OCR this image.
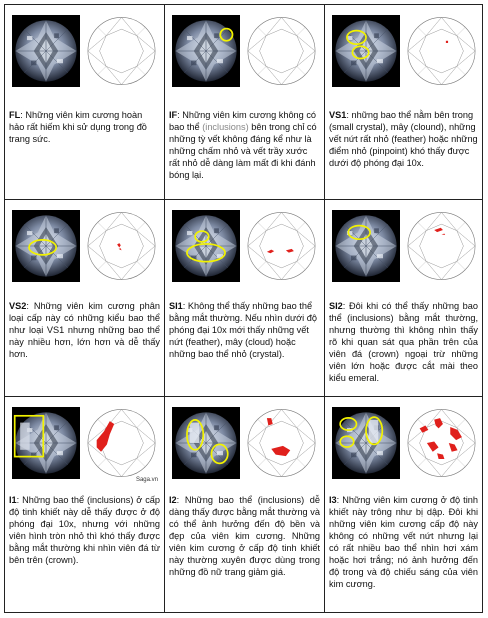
FL: Những viên kim cương hoàn hảo rất hiếm khi sử dụng trong đồ trang sức.
IF: Những viên kim cương không có bao thể (inclusions) bên trong chỉ có những tỳ vết không đáng kể như là những chấm nhỏ và vết trầy xước rất nhỏ dễ dàng làm mất đi khi đánh bóng lại.
VS1: những bao thể nằm bên trong (small crystal), mây (clound), những vết nứt rất nhỏ (feather) hoặc những điểm nhỏ (pinpoint) khó thấy được dưới độ phóng đại 10x.
VS2: Những viên kim cương phân loại cấp này có những kiểu bao thể như loại VS1 nhưng những bao thể này nhiều hơn, lớn hơn và dễ thấy hơn.
SI1: Không thể thấy những bao thể bằng mắt thường. Nếu nhìn dưới độ phóng đại 10x mới thấy những vết nứt (feather), mây (cloud) hoặc những bao thể nhỏ (crystal).
SI2: Đôi khi có thể thấy những bao thể (inclusions) bằng mắt thường, nhưng thường thì không nhìn thấy rõ khi quan sát qua phần trên của viên đá (crown) ngoại trừ những viên lớn hoặc được cắt mài theo kiểu emeral.
Saga.vn
I1: Những bao thể (inclusions) ở cấp độ tinh khiết này dễ thấy được ở độ phóng đại 10x, nhưng với những viên hình tròn nhỏ thì khó thấy được bằng mắt thường khi nhìn viên đá từ bên trên (crown).
I2: Những bao thể (inclusions) dễ dàng thấy được bằng mắt thường và có thể ảnh hưởng đến độ bền và đẹp của viên kim cương. Những viên kim cương ở cấp độ tinh khiết này thường xuyên được dùng trong những đồ nữ trang giảm giá.
I3: Những viên kim cương ở độ tinh khiết này trông như bị dập. Đôi khi những viên kim cương cấp độ này không có những vết nứt nhưng lại có rất nhiều bao thể nhìn hơi xám hoặc hơi trắng; nó ảnh hưởng đến độ trong và độ chiếu sáng của viên kim cương.
